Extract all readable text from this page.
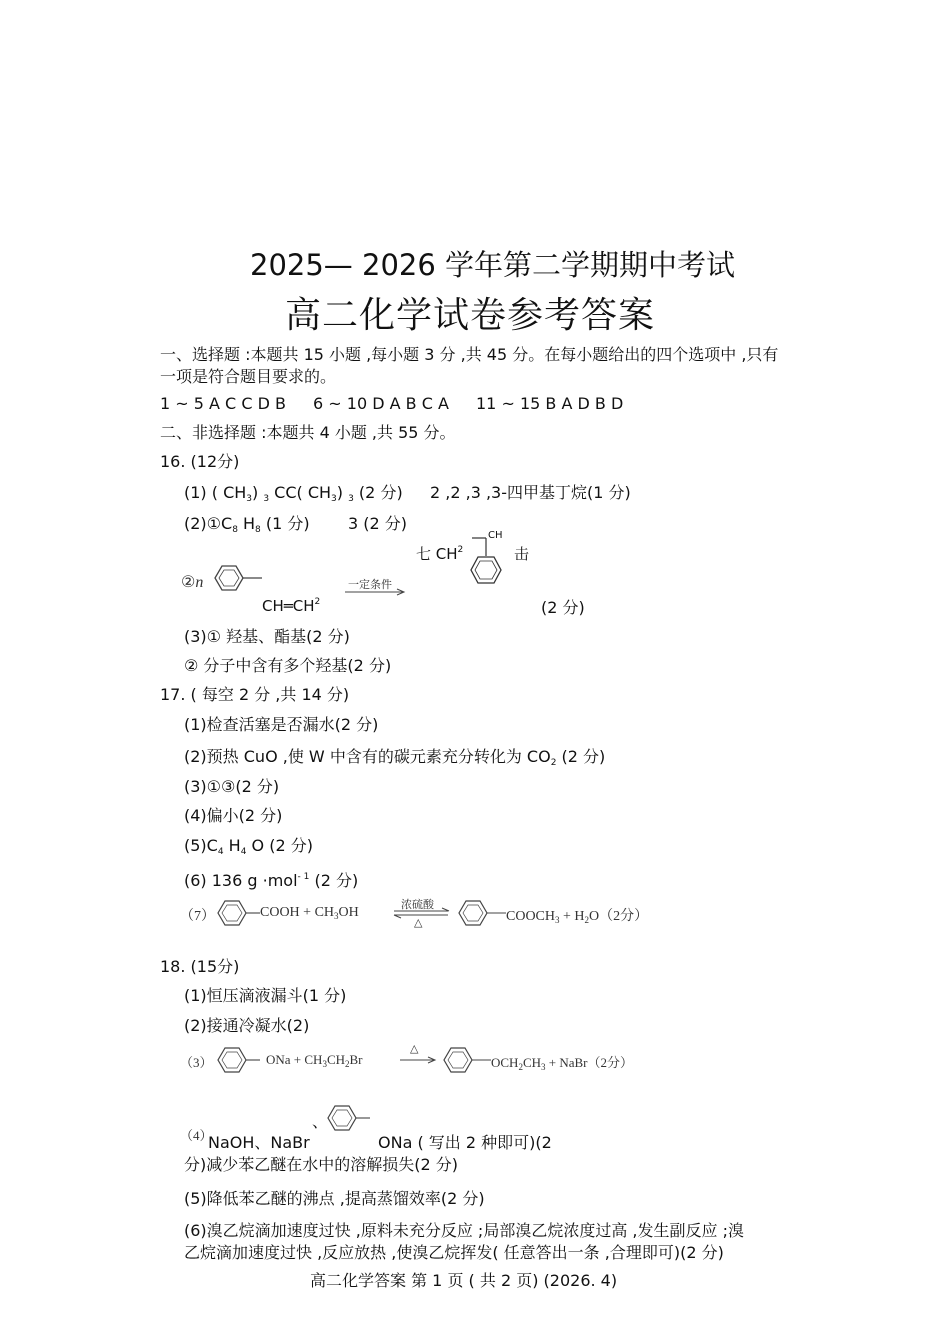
2025— 2026 学年第二学期期中考试
高二化学试卷参考答案
一、选择题 :本题共 15 小题 ,每小题 3 分 ,共 45 分。在每小题给出的四个选项中 ,只有
一项是符合题目要求的。
1 ~ 5 A C C D B 6 ~ 10 D A B C A 11 ~ 15 B A D B D
二、非选择题 :本题共 4 小题 ,共 55 分。
16. (12分)
(1) ( $CH_3$) $_3$ CC( $CH_3$) $_3$ (2 分) 2 ,2 ,3 ,3-四甲基丁烷(1 分)
$(2)①C_8$ $H_8$ (1 分) 3 (2 分)
②n
$CH═CH^2$
一定条件
七 $CH^2$
CH
击
(2 分)
(3)① 羟基、酯基(2 分)
② 分子中含有多个羟基(2 分)
17. ( 每空 2 分 ,共 14 分)
(1)检查活塞是否漏水(2 分)
(2)预热 CuO ,使 W 中含有的碳元素充分转化为 $CO_2$ (2 分)
(3)①③(2 分)
(4)偏小(2 分)
$(5)C_4$ $H_4$ O (2 分)
(6) 136 g ·mol$^{- 1}$ (2 分)
（7）	COOH + $CH_3OH$	浓硫酸
△	$COOCH_3 + H_2O(2$分）
18. (15分)
(1)恒压滴液漏斗(1 分)
(2)接通冷凝水(2)
（3）	ONa + $CH_3CH_2Br$
△
$OCH_2CH_3$ + NaBr（2分）
（4）
NaOH、NaBr
、
ONa ( 写出 2 种即可)(2
分)减少苯乙醚在水中的溶解损失(2 分)
(5)降低苯乙醚的沸点 ,提高蒸馏效率(2 分)
(6)溴乙烷滴加速度过快 ,原料未充分反应 ;局部溴乙烷浓度过高 ,发生副反应 ;溴
乙烷滴加速度过快 ,反应放热 ,使溴乙烷挥发( 任意答出一条 ,合理即可)(2 分)
高二化学答案 第 1 页 ( 共 2 页) (2026. 4)
